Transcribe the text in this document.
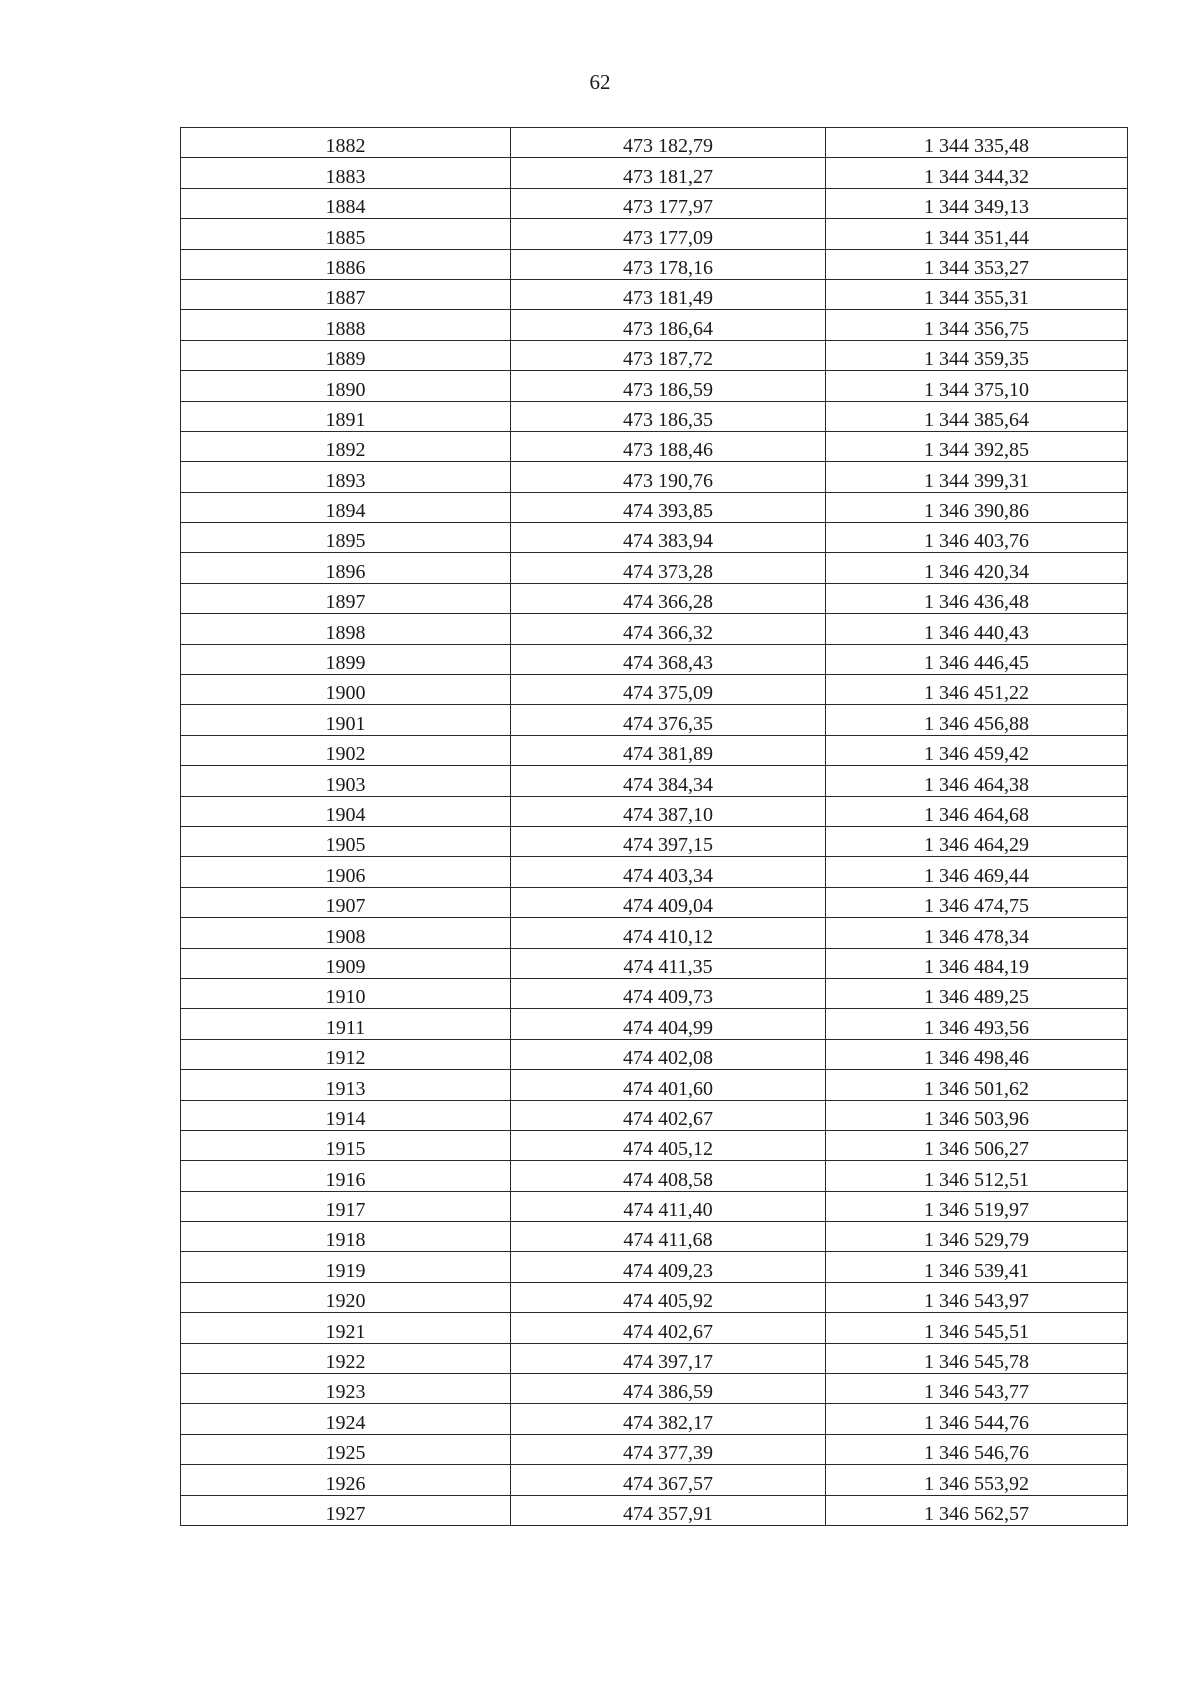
62
1882	473 182,79	1 344 335,48
1883	473 181,27	1 344 344,32
1884	473 177,97	1 344 349,13
1885	473 177,09	1 344 351,44
1886	473 178,16	1 344 353,27
1887	473 181,49	1 344 355,31
1888	473 186,64	1 344 356,75
1889	473 187,72	1 344 359,35
1890	473 186,59	1 344 375,10
1891	473 186,35	1 344 385,64
1892	473 188,46	1 344 392,85
1893	473 190,76	1 344 399,31
1894	474 393,85	1 346 390,86
1895	474 383,94	1 346 403,76
1896	474 373,28	1 346 420,34
1897	474 366,28	1 346 436,48
1898	474 366,32	1 346 440,43
1899	474 368,43	1 346 446,45
1900	474 375,09	1 346 451,22
1901	474 376,35	1 346 456,88
1902	474 381,89	1 346 459,42
1903	474 384,34	1 346 464,38
1904	474 387,10	1 346 464,68
1905	474 397,15	1 346 464,29
1906	474 403,34	1 346 469,44
1907	474 409,04	1 346 474,75
1908	474 410,12	1 346 478,34
1909	474 411,35	1 346 484,19
1910	474 409,73	1 346 489,25
1911	474 404,99	1 346 493,56
1912	474 402,08	1 346 498,46
1913	474 401,60	1 346 501,62
1914	474 402,67	1 346 503,96
1915	474 405,12	1 346 506,27
1916	474 408,58	1 346 512,51
1917	474 411,40	1 346 519,97
1918	474 411,68	1 346 529,79
1919	474 409,23	1 346 539,41
1920	474 405,92	1 346 543,97
1921	474 402,67	1 346 545,51
1922	474 397,17	1 346 545,78
1923	474 386,59	1 346 543,77
1924	474 382,17	1 346 544,76
1925	474 377,39	1 346 546,76
1926	474 367,57	1 346 553,92
1927	474 357,91	1 346 562,57
